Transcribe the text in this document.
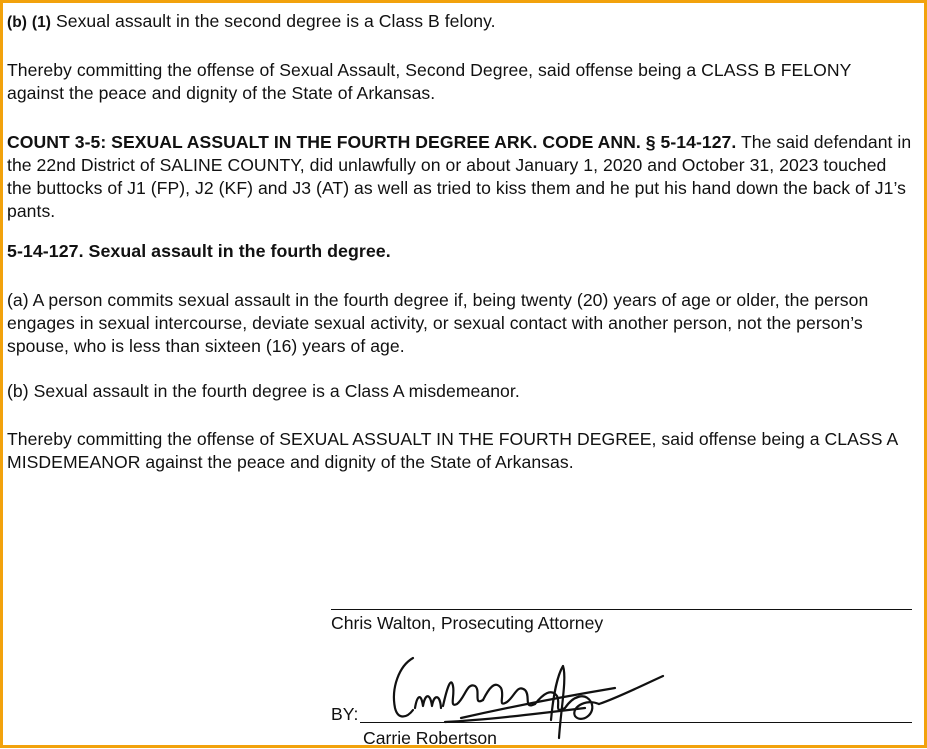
(b) (1) Sexual assault in the second degree is a Class B felony.

Thereby committing the offense of Sexual Assault, Second Degree, said offense being a CLASS B FELONY against the peace and dignity of the State of Arkansas.

COUNT 3-5: SEXUAL ASSUALT IN THE FOURTH DEGREE ARK. CODE ANN. § 5-14-127. The said defendant in the 22nd District of SALINE COUNTY, did unlawfully on or about January 1, 2020 and October 31, 2023 touched the buttocks of J1 (FP), J2 (KF) and J3 (AT) as well as tried to kiss them and he put his hand down the back of J1’s pants.

5-14-127. Sexual assault in the fourth degree.

(a) A person commits sexual assault in the fourth degree if, being twenty (20) years of age or older, the person engages in sexual intercourse, deviate sexual activity, or sexual contact with another person, not the person’s spouse, who is less than sixteen (16) years of age.

(b) Sexual assault in the fourth degree is a Class A misdemeanor.

Thereby committing the offense of SEXUAL ASSUALT IN THE FOURTH DEGREE, said offense being a CLASS A MISDEMEANOR against the peace and dignity of the State of Arkansas.

Chris Walton, Prosecuting Attorney
BY:
Carrie Robertson
